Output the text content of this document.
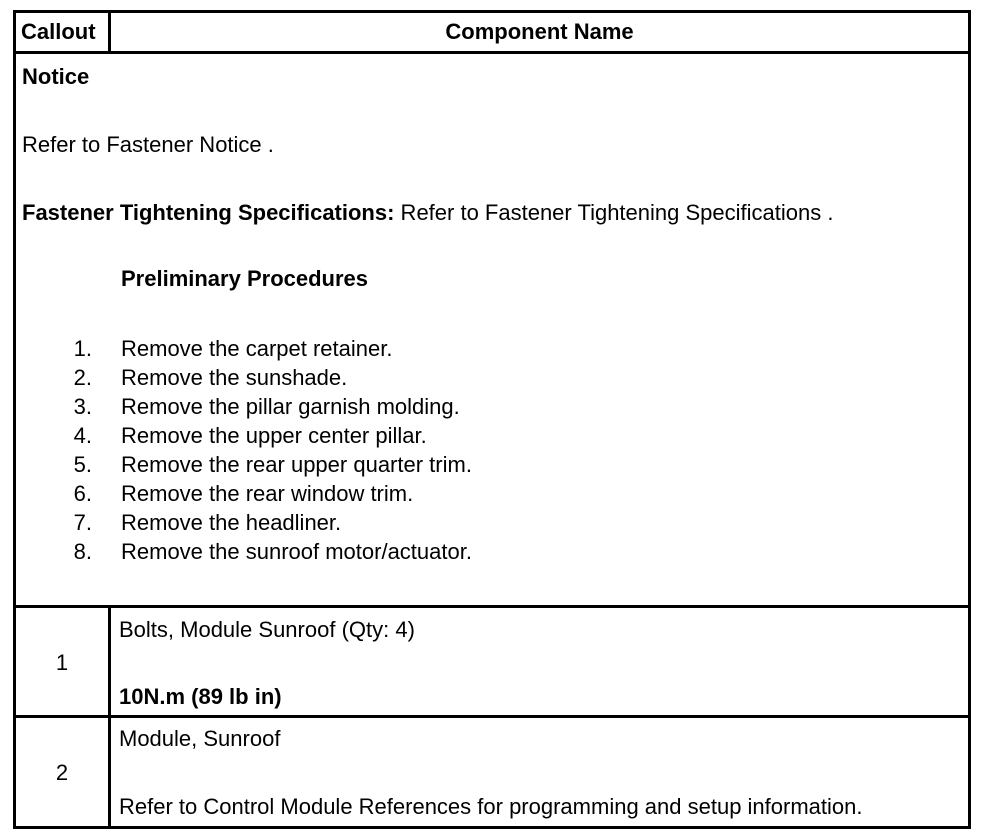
Callout	Component Name
Notice
Refer to Fastener Notice .
Fastener Tightening Specifications: Refer to Fastener Tightening Specifications .
Preliminary Procedures
1. Remove the carpet retainer.
2. Remove the sunshade.
3. Remove the pillar garnish molding.
4. Remove the upper center pillar.
5. Remove the rear upper quarter trim.
6. Remove the rear window trim.
7. Remove the headliner.
8. Remove the sunroof motor/actuator.
1
Bolts, Module Sunroof (Qty: 4)
10N.m (89 lb in)
2
Module, Sunroof
Refer to Control Module References for programming and setup information.
